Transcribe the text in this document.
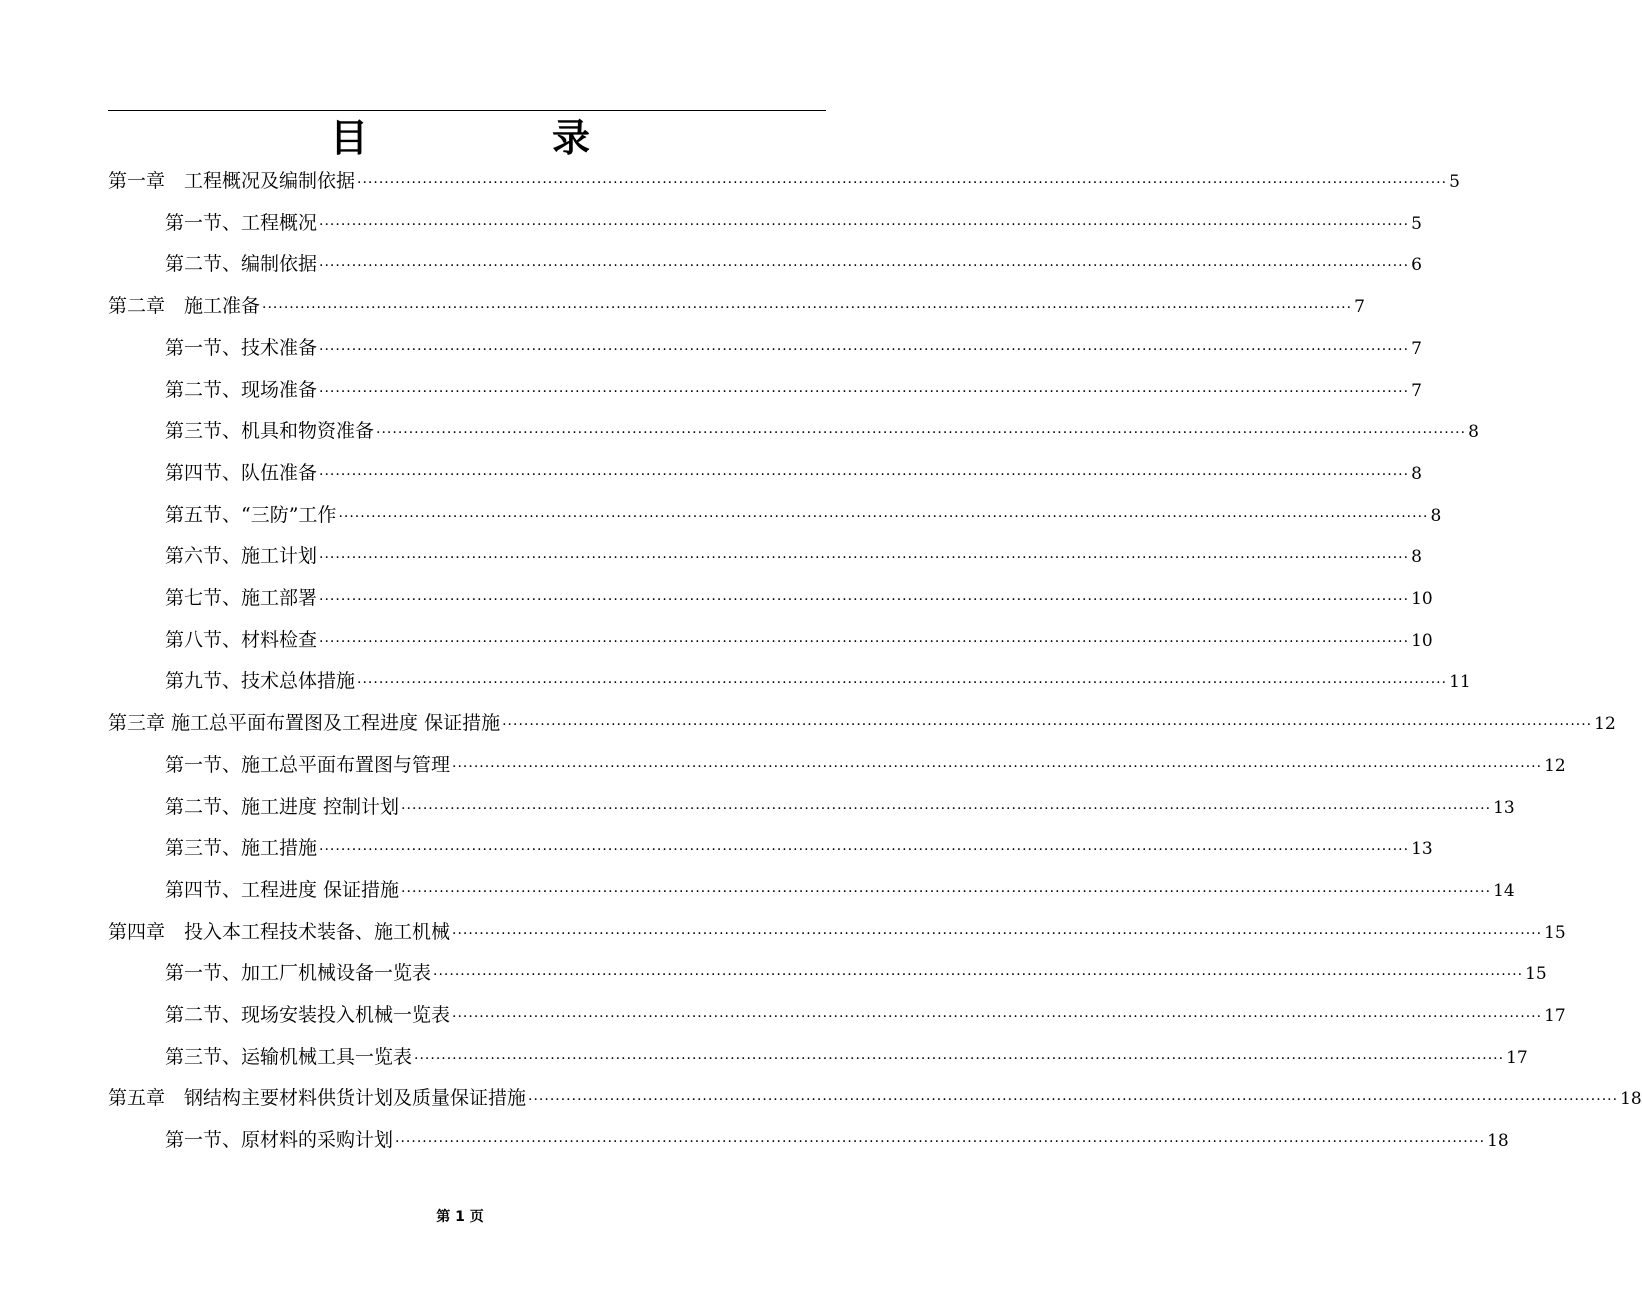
目	录
第一章　工程概况及编制依据 ········································································································································································································ 5
第一节、工程概况 ········································································································································································································ 5
第二节、编制依据 ········································································································································································································ 6
第二章　施工准备 ········································································································································································································ 7
第一节、技术准备 ········································································································································································································ 7
第二节、现场准备 ········································································································································································································ 7
第三节、机具和物资准备 ········································································································································································································ 8
第四节、队伍准备 ········································································································································································································ 8
第五节、“三防”工作 ········································································································································································································ 8
第六节、施工计划 ········································································································································································································ 8
第七节、施工部署 ········································································································································································································ 10
第八节、材料检查 ········································································································································································································ 10
第九节、技术总体措施 ········································································································································································································ 11
第三章 施工总平面布置图及工程进度 保证措施 ········································································································································································································ 12
第一节、施工总平面布置图与管理 ········································································································································································································ 12
第二节、施工进度 控制计划 ········································································································································································································ 13
第三节、施工措施 ········································································································································································································ 13
第四节、工程进度 保证措施 ········································································································································································································ 14
第四章　投入本工程技术装备、施工机械 ········································································································································································································ 15
第一节、加工厂机械设备一览表 ········································································································································································································ 15
第二节、现场安装投入机械一览表 ········································································································································································································ 17
第三节、运输机械工具一览表 ········································································································································································································ 17
第五章　钢结构主要材料供货计划及质量保证措施 ········································································································································································································ 18
第一节、原材料的采购计划 ········································································································································································································ 18
第 1 页
